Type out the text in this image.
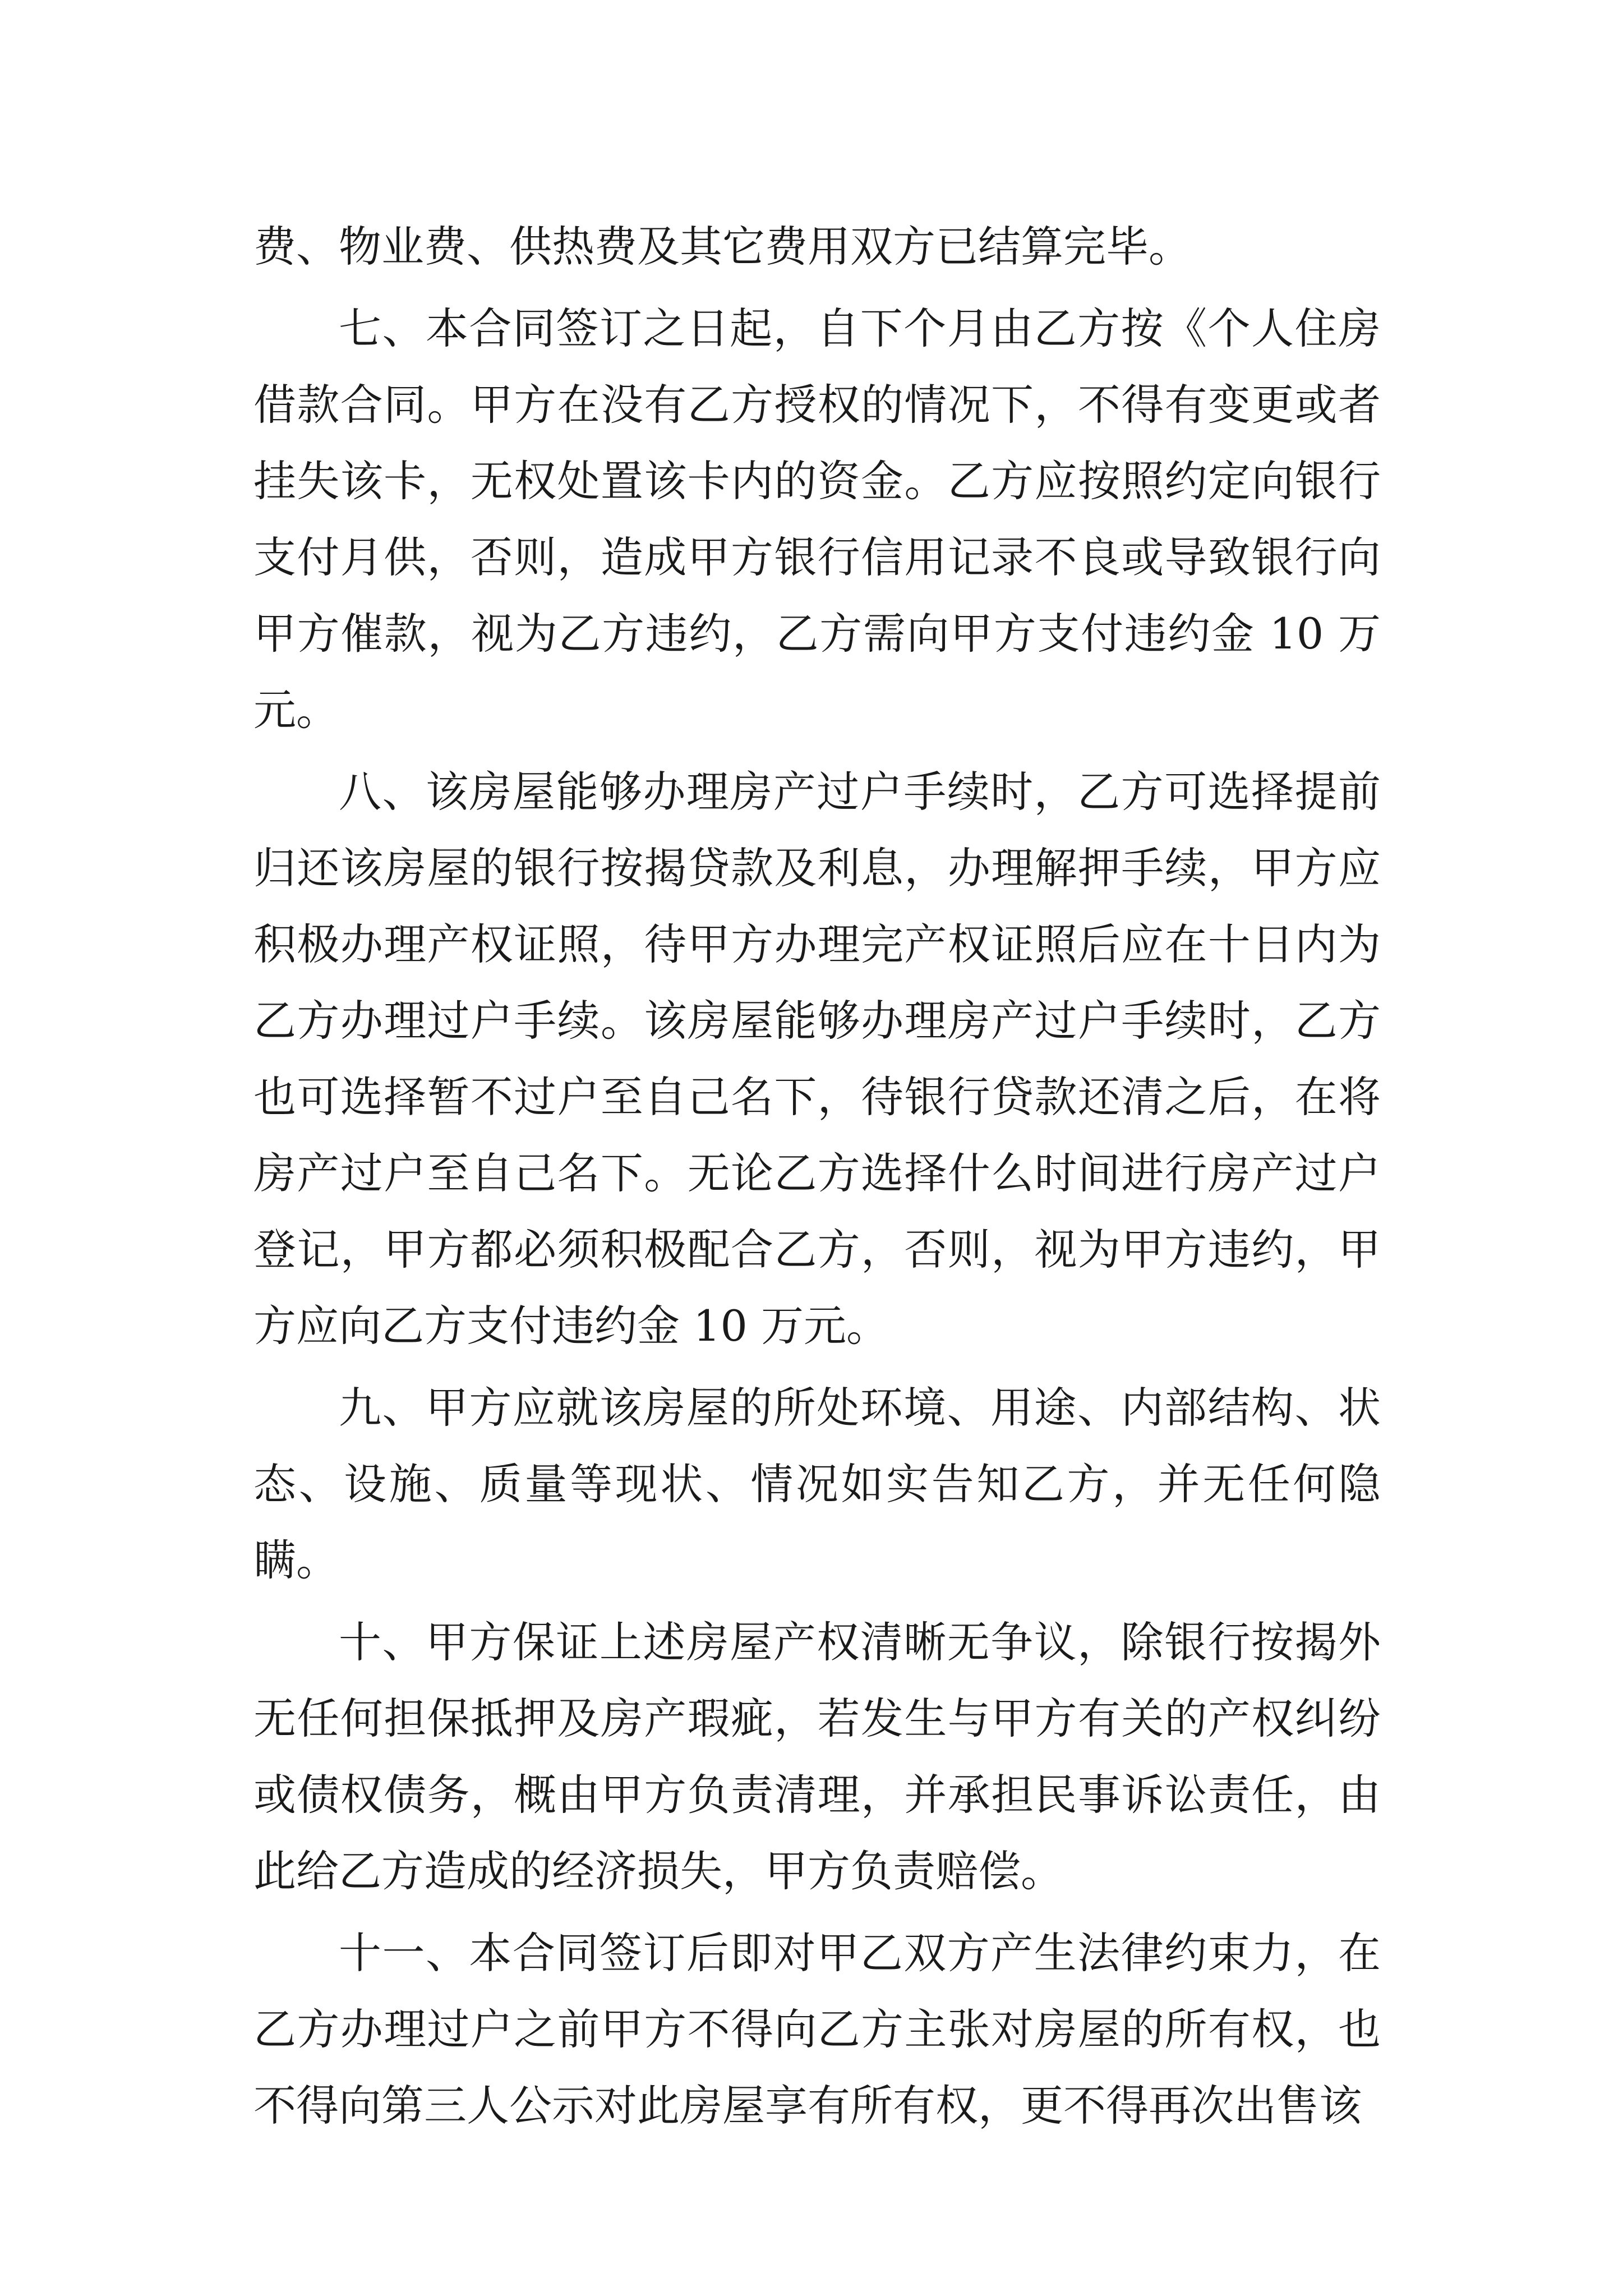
费、物业费、供热费及其它费用双方已结算完毕。

七、本合同签订之日起，自下个月由乙方按《个人住房借款合同。甲方在没有乙方授权的情况下，不得有变更或者挂失该卡，无权处置该卡内的资金。乙方应按照约定向银行支付月供，否则，造成甲方银行信用记录不良或导致银行向甲方催款，视为乙方违约，乙方需向甲方支付违约金 10 万元。

八、该房屋能够办理房产过户手续时，乙方可选择提前归还该房屋的银行按揭贷款及利息，办理解押手续，甲方应积极办理产权证照，待甲方办理完产权证照后应在十日内为乙方办理过户手续。该房屋能够办理房产过户手续时，乙方也可选择暂不过户至自己名下，待银行贷款还清之后，在将房产过户至自己名下。无论乙方选择什么时间进行房产过户登记，甲方都必须积极配合乙方，否则，视为甲方违约，甲方应向乙方支付违约金 10 万元。

九、甲方应就该房屋的所处环境、用途、内部结构、状态、设施、质量等现状、情况如实告知乙方，并无任何隐瞒。

十、甲方保证上述房屋产权清晰无争议，除银行按揭外无任何担保抵押及房产瑕疵，若发生与甲方有关的产权纠纷或债权债务，概由甲方负责清理，并承担民事诉讼责任，由此给乙方造成的经济损失，甲方负责赔偿。

十一、本合同签订后即对甲乙双方产生法律约束力，在乙方办理过户之前甲方不得向乙方主张对房屋的所有权，也不得向第三人公示对此房屋享有所有权，更不得再次出售该
